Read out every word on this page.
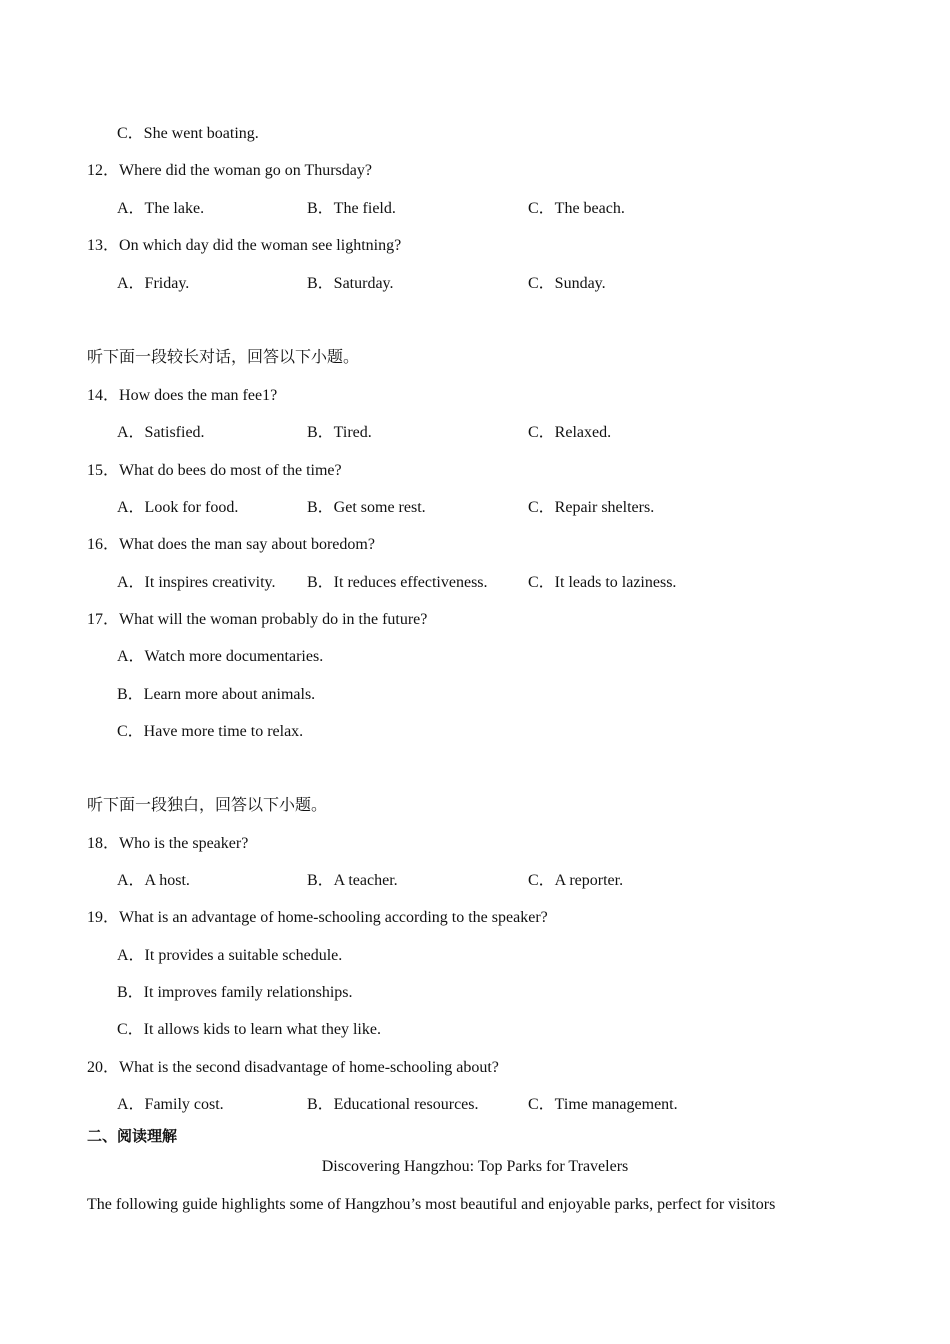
C．She went boating.
12．Where did the woman go on Thursday?
A．The lake.	B．The field.	C．The beach.
13．On which day did the woman see lightning?
A．Friday.	B．Saturday.	C．Sunday.
听下面一段较长对话，回答以下小题。
14．How does the man fee1?
A．Satisfied.	B．Tired.	C．Relaxed.
15．What do bees do most of the time?
A．Look for food.	B．Get some rest.	C．Repair shelters.
16．What does the man say about boredom?
A．It inspires creativity. B．It reduces effectiveness.	C．It leads to laziness.
17．What will the woman probably do in the future?
A．Watch more documentaries.
B．Learn more about animals.
C．Have more time to relax.
听下面一段独白，回答以下小题。
18．Who is the speaker?
A．A host.	B．A teacher.	C．A reporter.
19．What is an advantage of home-schooling according to the speaker?
A．It provides a suitable schedule.
B．It improves family relationships.
C．It allows kids to learn what they like.
20．What is the second disadvantage of home-schooling about?
A．Family cost.	B．Educational resources.	C．Time management.
二、阅读理解
Discovering Hangzhou: Top Parks for Travelers
The following guide highlights some of Hangzhou’s most beautiful and enjoyable parks, perfect for visitors
